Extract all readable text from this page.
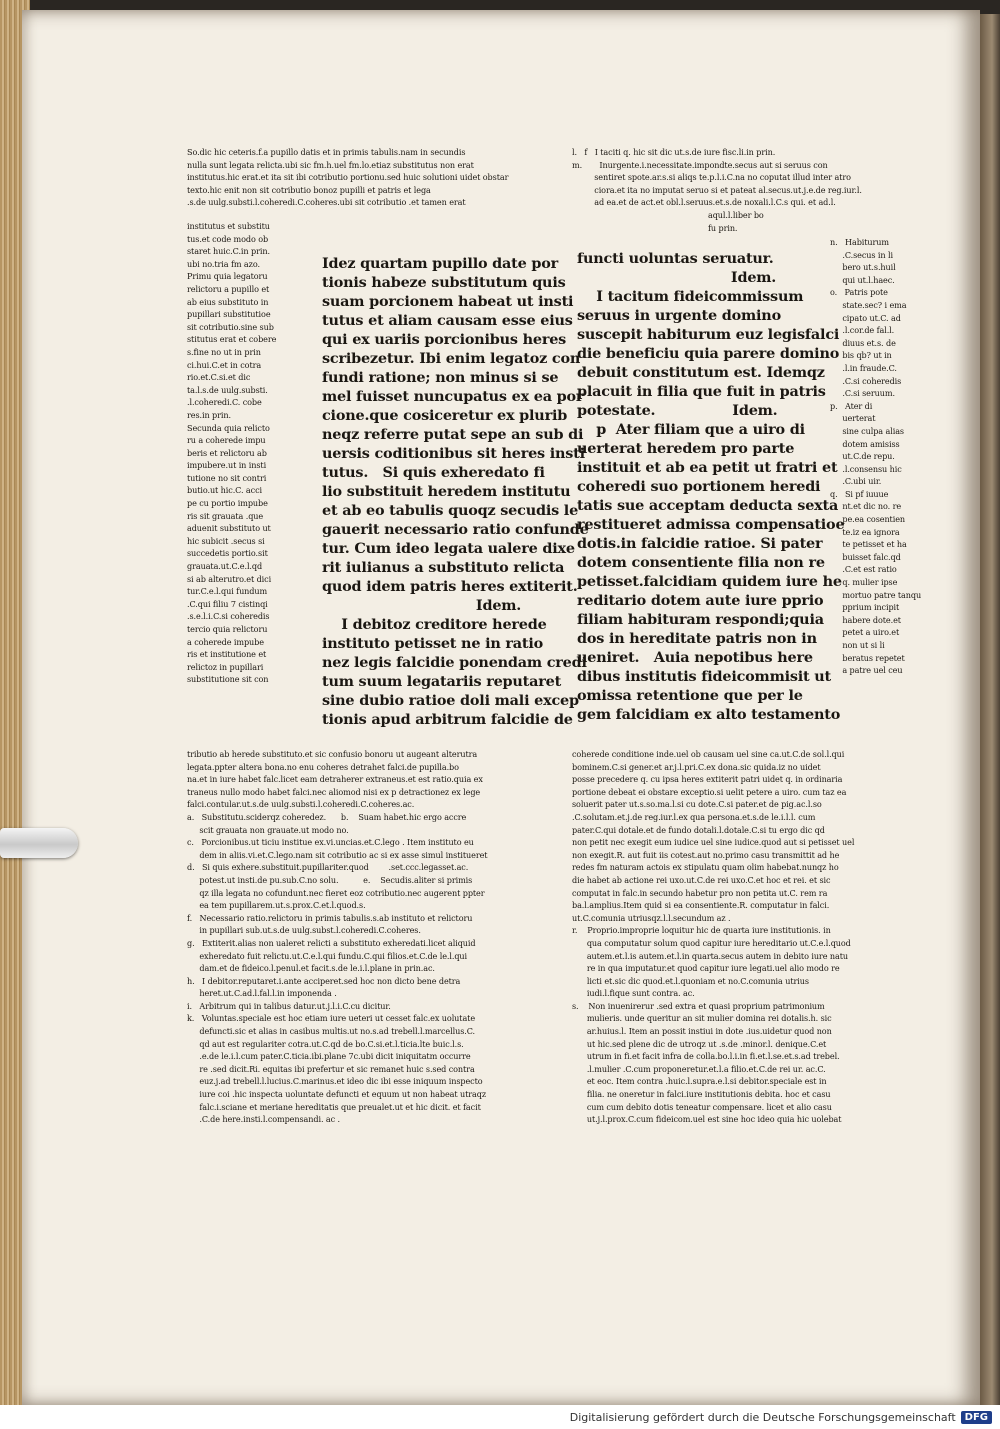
So.dic hic ceteris.f.a pupillo datis et in primis tabulis.nam in secundis
nulla sunt legata relicta.ubi sic fm.h.uel fm.lo.etiaz substitutus non erat
institutus.hic erat.et ita sit ibi cotributio portionu.sed huic solutioni uidet obstar
texto.hic enit non sit cotributio bonoz pupilli et patris et lega
.s.de uulg.substi.l.coheredi.C.coheres.ubi sit cotributio .et tamen erat
institutus et substitu
tus.et code modo ob
staret huic.C.in prin.
ubi no.tria fm azo.
Primu quia legatoru
relictoru a pupillo et
ab eius substituto in
pupillari substitutioe
sit cotributio.sine sub
stitutus erat et cobere
s.fine no ut in prin
ci.hui.C.et in cotra
rio.et.C.si.et dic
ta.l.s.de uulg.substi.
.l.coheredi.C. cobe
res.in prin.
Secunda quia relicto
ru a coherede impu
beris et relictoru ab
impubere.ut in insti
tutione no sit contri
butio.ut hic.C. acci
pe cu portio impube
ris sit grauata .que
aduenit substituto ut
hic subicit .secus si
succedetis portio.sit
grauata.ut.C.e.l.qd
si ab alterutro.et dici
tur.C.e.l.qui fundum
.C.qui filiu 7 cistinqi
.s.e.l.i.C.si coheredis
tercio quia relictoru
a coherede impube
ris et institutione et
relictoz in pupillari
substitutione sit con
Idez quartam pupillo date por
tionis habeze substitutum quis
suam porcionem habeat ut
tutus et aliam causam esse
qui ex uariis porcionibus heres
scribezetur. Ibi enim legatoz
fundi ratione; non minus si se
mel fuisset nuncupatus ex ea
cione.que cosiceretur ex plurib
neqz referre putat sepe an sub
uersis coditionibus sit heres
tutus.   Si quis exheredato fi
lio substituit heredem institutu
et ab eo tabulis quoqz secudis
gauerit necessario ratio confunde
tur. Cum ideo legata ualere
rit iulianus a substituto relicta
quod idem patris heres extiterit.
Idem.
I debitoz creditore herede
instituto petisset ne in ratio
nez legis falcidie ponendam
tum suum legatariis reputaret
sine dubio ratioe doli mali
tionis apud arbitrum falcidie
l.   f   I taciti q. hic sit dic ut.s.de iure fisc.li.in prin.
m.       Inurgente.i.necessitate.impondte.secus aut si seruus con
sentiret spote.ar.s.si aliqs te.p.l.i.C.na no coputat illud inter atro
ciora.et ita no imputat seruo si et pateat al.secus.ut.j.e.de reg.iur.l.
ad ea.et de act.et obl.l.seruus.et.s.de noxali.l.C.s qui. et ad.l.
aqul.l.liber bo
fu prin.
functi uoluntas seruatur.
Idem.
I tacitum fideicommissum
seruus in urgente domino
suscepit habiturum euz legisfalci
die beneficiu quia parere domino
debuit constitutum est. Idemqz
placuit in filia que fuit in patris
potestate.                Idem.
p  Ater filiam que a uiro di
uerterat heredem pro parte
instituit et ab ea petit ut fratri
coheredi suo portionem heredi
tatis sue acceptam deducta
restitueret admissa compensatioe
dotis.in falcidie ratioe. Si pater
dotem consentiente filia non re
petisset.falcidiam quidem iure
reditario dotem aute iure pprio
filiam habituram respondi;quia
dos in hereditate patris non in
ueniret.   Auia nepotibus here
dibus institutis fideicommisit
omissa retentione que per le
gem falcidiam ex alto testamento
n.   Habiturum
.C.secus in li
bero ut.s.huil
qui ut.l.haec.
o.   Patris pote
state.sec? i ema
cipato ut.C. ad
.l.cor.de fal.l.
diuus et.s. de
bis qb? ut in
.l.in fraude.C.
.C.si coheredis
.C.si seruum.
p.   Ater di
uerterat
sine culpa alias
dotem amisiss
ut.C.de repu.
.l.consensu hic
.C.ubi uir.
q.   Si pf iuuue
nt.et dic no. re
pe.ea cosentien
te.iz ea ignora
te petisset et ha
buisset falc.qd
.C.et est ratio
q. mulier ipse
mortuo patre tanqu
pprium incipit
habere dote.et
petet a uiro.et
non ut si li
beratus repetet
a patre uel ceu
tributio ab herede substituto.et sic confusio bonoru ut augeant alterutra
legata.ppter altera bona.no enu coheres detrahet falci.de pupilla.bo
na.et in iure habet falc.licet eam detraherer extraneus.et est ratio.quia ex
traneus nullo modo habet falci.nec aliomod nisi ex p detractionez ex lege
falci.contular.ut.s.de uulg.substi.l.coheredi.C.coheres.ac.
a.   Substitutu.sciderqz coheredez.      b.    Suam habet.hic ergo accre
scit grauata non grauate.ut modo no.
c.   Porcionibus.ut ticiu institue ex.vi.uncias.et.C.lego . Item instituto eu
dem in aliis.vi.et.C.lego.nam sit cotributio ac si ex asse simul institueret
d.   Si quis exhere.substituit.pupillariter.quod        .set.ccc.legasset.ac.
potest.ut insti.de pu.sub.C.no solu.          e.    Secudis.aliter si primis
qz illa legata no cofundunt.nec fieret eoz cotributio.nec augerent ppter
ea tem pupillarem.ut.s.prox.C.et.l.quod.s.
f.   Necessario ratio.relictoru in primis tabulis.s.ab instituto et relictoru
in pupillari sub.ut.s.de uulg.subst.l.coheredi.C.coheres.
g.   Extiterit.alias non ualeret relicti a substituto exheredati.licet aliquid
exheredato fuit relictu.ut.C.e.l.qui fundu.C.qui filios.et.C.de le.l.qui
dam.et de fideico.l.penul.et facit.s.de le.i.l.plane in prin.ac.
h.   I debitor.reputaret.i.ante acciperet.sed hoc non dicto bene detra
heret.ut.C.ad.l.fal.l.in imponenda .
i.   Arbitrum qui in talibus datur.ut.j.l.i.C.cu dicitur.
k.   Voluntas.speciale est hoc etiam iure ueteri ut cesset falc.ex uolutate
defuncti.sic et alias in casibus multis.ut no.s.ad trebell.l.marcellus.C.
qd aut est regulariter cotra.ut.C.qd de bo.C.si.et.l.ticia.lte buic.l.s.
.e.de le.i.l.cum pater.C.ticia.ibi.plane 7c.ubi dicit iniquitatm occurre
re .sed dicit.Ri. equitas ibi prefertur et sic remanet huic s.sed contra
euz.j.ad trebell.l.lucius.C.marinus.et ideo dic ibi esse iniquum inspecto
iure coi .hic inspecta uoluntate defuncti et equum ut non habeat utraqz
falc.i.sciane et meriane hereditatis que preualet.ut et hic dicit. et facit
.C.de here.insti.l.compensandi. ac .
coherede conditione inde.uel ob causam uel sine ca.ut.C.de sol.l.qui
bominem.C.si gener.et ar.j.l.pri.C.ex dona.sic quida.iz no uidet
posse precedere q. cu ipsa heres extiterit patri uidet q. in ordinaria
portione debeat ei obstare exceptio.si uelit petere a uiro. cum taz ea
soluerit pater ut.s.so.ma.l.si cu dote.C.si pater.et de pig.ac.l.so
.C.solutam.et.j.de reg.iur.l.ex qua persona.et.s.de le.i.l.l. cum
pater.C.qui dotale.et de fundo dotali.l.dotale.C.si tu ergo dic qd
non petit nec exegit eum iudice uel sine iudice.quod aut si petisset uel
non exegit.R. aut fuit iis cotest.aut no.primo casu transmittit ad he
redes fm naturam actois ex stipulatu quam olim habebat.nunqz ho
die habet ab actione rei uxo.ut.C.de rei uxo.C.et hoc et rei. et sic
computat in falc.in secundo habetur pro non petita ut.C. rem ra
ba.l.amplius.Item quid si ea consentiente.R. computatur in falci.
ut.C.comunia utriusqz.l.l.secundum az .
r.    Proprio.improprie loquitur hic de quarta iure institutionis. in
qua computatur solum quod capitur iure hereditario ut.C.e.l.quod
autem.et.l.is autem.et.l.in quarta.secus autem in debito iure natu
re in qua imputatur.et quod capitur iure legati.uel alio modo re
licti et.sic dic quod.et.l.quoniam et no.C.comunia utrius
iudi.l.fique sunt contra. ac.
s.    Non inuenirerur .sed extra et quasi proprium patrimonium
mulieris. unde queritur an sit mulier domina rei dotalis.h. sic
ar.huius.l. Item an possit instiui in dote .ius.uidetur quod non
ut hic.sed plene dic de utroqz ut .s.de .minor.l. denique.C.et
utrum in fi.et facit infra de colla.bo.l.i.in fi.et.l.se.et.s.ad trebel.
.l.mulier .C.cum proponeretur.et.l.a filio.et.C.de rei ur. ac.C.
et eoc. Item contra .huic.l.supra.e.l.si debitor.speciale est in
filia. ne oneretur in falci.iure institutionis debita. hoc et casu
cum cum debito dotis teneatur compensare. licet et alio casu
ut.j.l.prox.C.cum fideicom.uel est sine hoc ideo quia hic uolebat
Digitalisierung gefördert durch die Deutsche Forschungsgemeinschaft DFG
